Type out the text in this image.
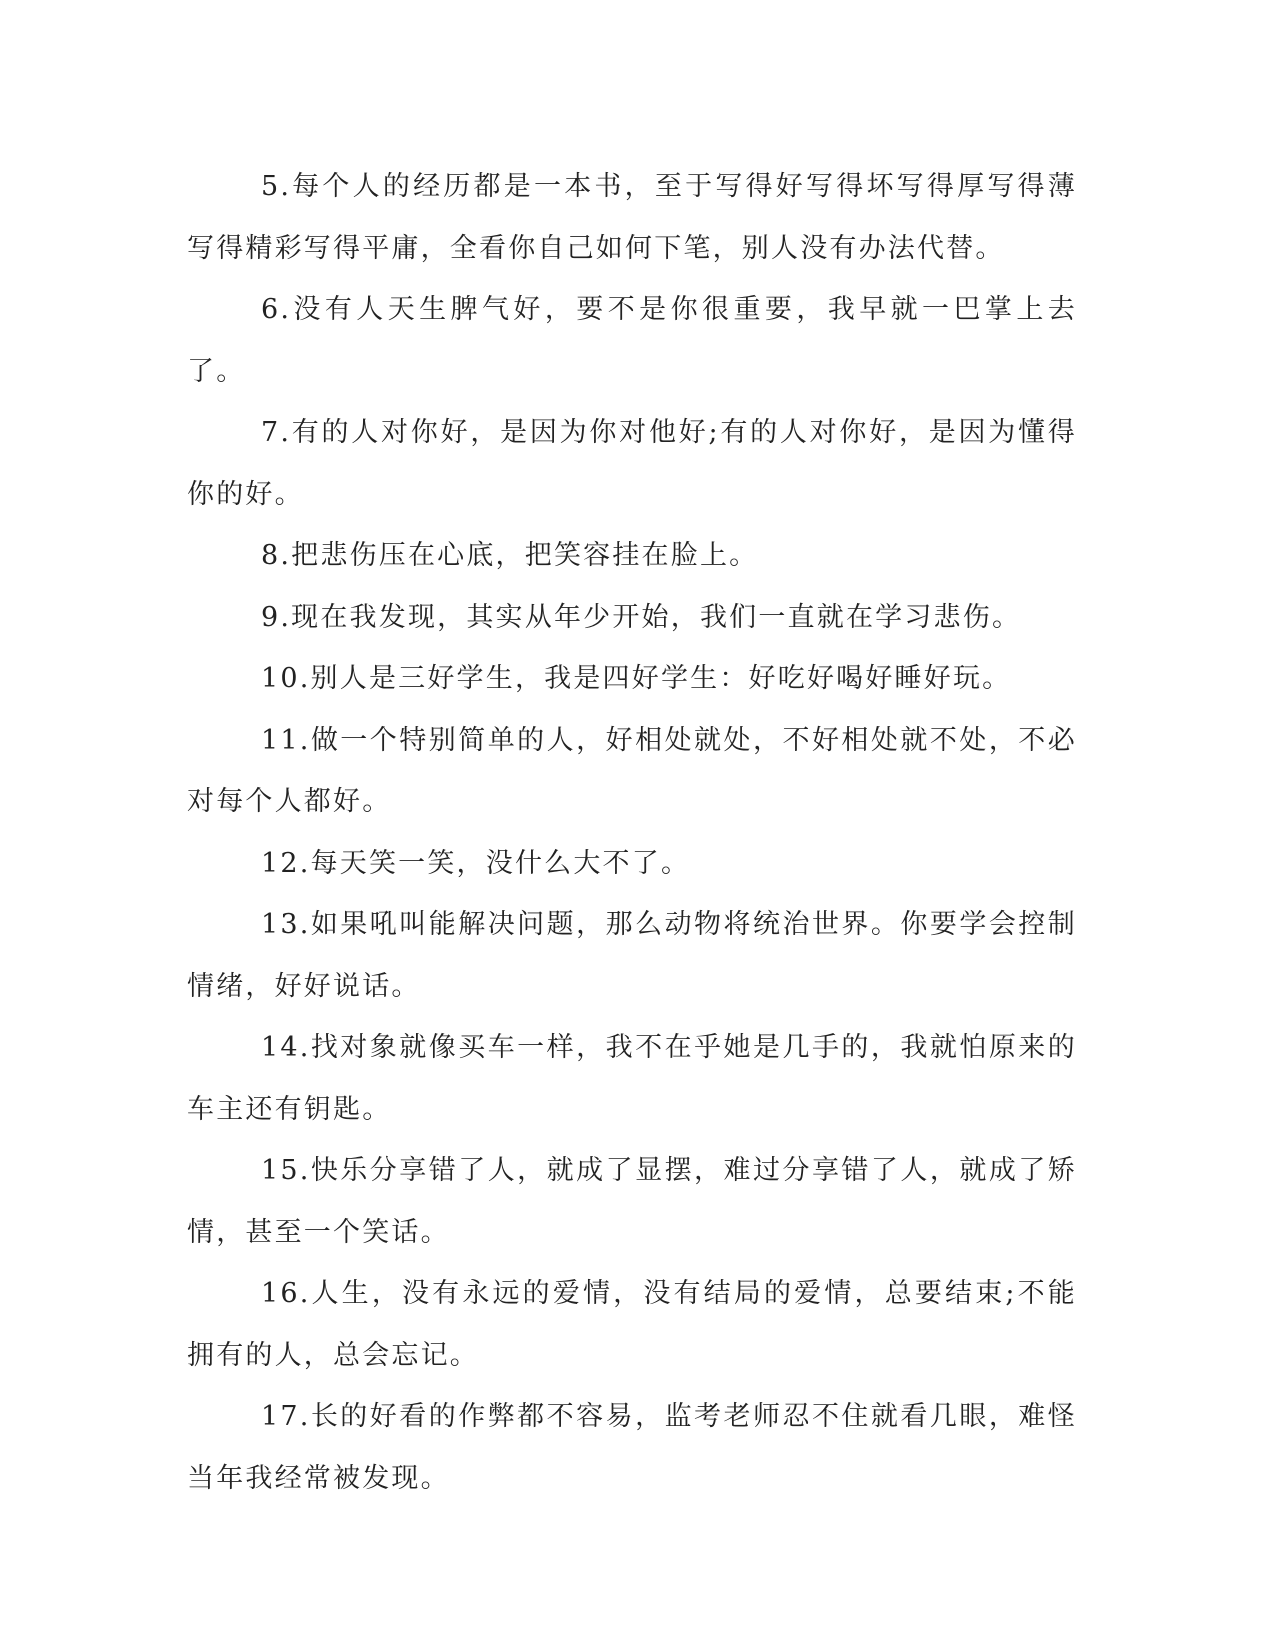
5.每个人的经历都是一本书，至于写得好写得坏写得厚写得薄写得精彩写得平庸，全看你自己如何下笔，别人没有办法代替。

6.没有人天生脾气好，要不是你很重要，我早就一巴掌上去了。

7.有的人对你好，是因为你对他好;有的人对你好，是因为懂得你的好。

8.把悲伤压在心底，把笑容挂在脸上。

9.现在我发现，其实从年少开始，我们一直就在学习悲伤。

10.别人是三好学生，我是四好学生：好吃好喝好睡好玩。

11.做一个特别简单的人，好相处就处，不好相处就不处，不必对每个人都好。

12.每天笑一笑，没什么大不了。

13.如果吼叫能解决问题，那么动物将统治世界。你要学会控制情绪，好好说话。

14.找对象就像买车一样，我不在乎她是几手的，我就怕原来的车主还有钥匙。

15.快乐分享错了人，就成了显摆，难过分享错了人，就成了矫情，甚至一个笑话。

16.人生，没有永远的爱情，没有结局的爱情，总要结束;不能拥有的人，总会忘记。

17.长的好看的作弊都不容易，监考老师忍不住就看几眼，难怪当年我经常被发现。
